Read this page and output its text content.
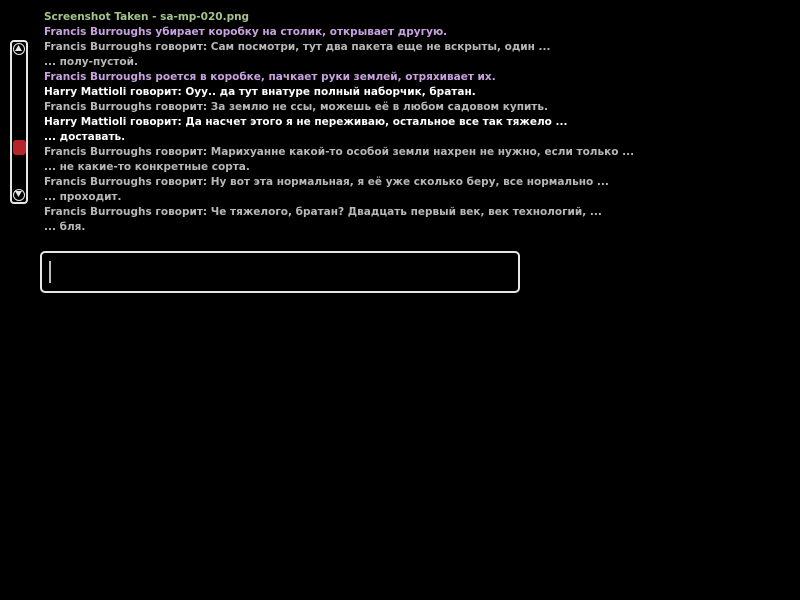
Screenshot Taken - sa-mp-020.png
Francis Burroughs убирает коробку на столик, открывает другую.
Francis Burroughs говорит: Сам посмотри, тут два пакета еще не вскрыты, один ...
... полу-пустой.
Francis Burroughs роется в коробке, пачкает руки землей, отряхивает их.
Harry Mattioli говорит: Оуу.. да тут внатуре полный наборчик, братан.
Francis Burroughs говорит: За землю не ссы, можешь её в любом садовом купить.
Harry Mattioli говорит: Да насчет этого я не переживаю, остальное все так тяжело ...
... доставать.
Francis Burroughs говорит: Марихуанне какой-то особой земли нахрен не нужно, если только ...
... не какие-то конкретные сорта.
Francis Burroughs говорит: Ну вот эта нормальная, я её уже сколько беру, все нормально ...
... проходит.
Francis Burroughs говорит: Че тяжелого, братан? Двадцать первый век, век технологий, ...
... бля.
